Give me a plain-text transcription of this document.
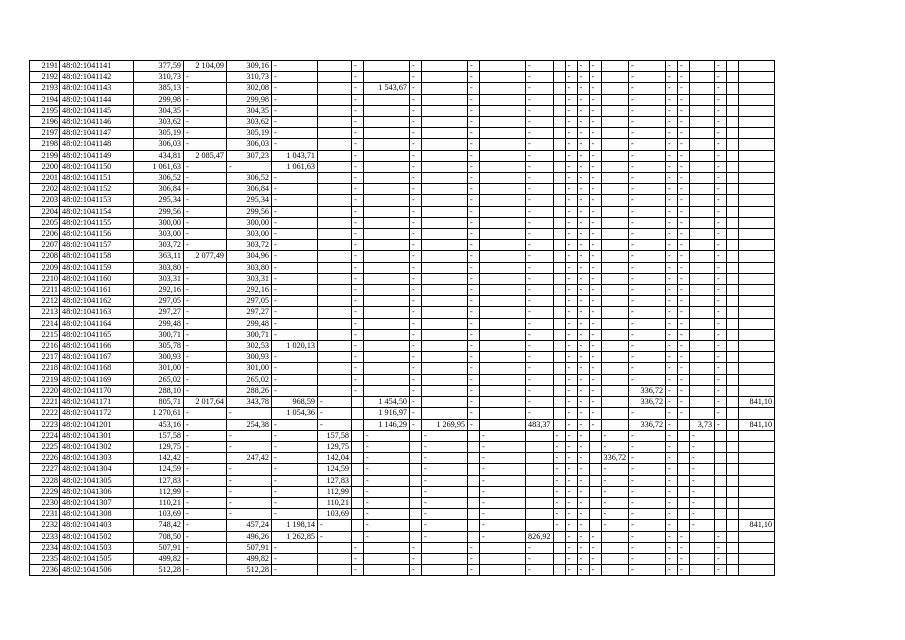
2191	48:02:1041141	377,59	2 104,09	309,16	-		-		-		-		-		-	-	-		-	-	-		-		
2192	48:02:1041142	310,73	-	310,73	-		-		-		-		-		-	-	-		-	-	-		-		
2193	48:02:1041143	385,13	-	302,08	-		-	1 543,67	-		-		-		-	-	-		-	-	-		-		
2194	48:02:1041144	299,98	-	299,98	-		-		-		-		-		-	-	-		-	-	-		-		
2195	48:02:1041145	304,35	-	304,35	-		-		-		-		-		-	-	-		-	-	-		-		
2196	48:02:1041146	303,62	-	303,62	-		-		-		-		-		-	-	-		-	-	-		-		
2197	48:02:1041147	305,19	-	305,19	-		-		-		-		-		-	-	-		-	-	-		-		
2198	48:02:1041148	306,03	-	306,03	-		-		-		-		-		-	-	-		-	-	-		-		
2199	48:02:1041149	434,81	2 085,47	307,23	1 043,71		-		-		-		-		-	-	-		-	-	-		-		
2200	48:02:1041150	1 061,63	-	-	1 061,63		-		-		-		-		-	-	-		-	-	-		-		
2201	48:02:1041151	306,52	-	306,52	-		-		-		-		-		-	-	-		-	-	-		-		
2202	48:02:1041152	306,84	-	306,84	-		-		-		-		-		-	-	-		-	-	-		-		
2203	48:02:1041153	295,34	-	295,34	-		-		-		-		-		-	-	-		-	-	-		-		
2204	48:02:1041154	299,56	-	299,56	-		-		-		-		-		-	-	-		-	-	-		-		
2205	48:02:1041155	300,00	-	300,00	-		-		-		-		-		-	-	-		-	-	-		-		
2206	48:02:1041156	303,00	-	303,00	-		-		-		-		-		-	-	-		-	-	-		-		
2207	48:02:1041157	303,72	-	303,72	-		-		-		-		-		-	-	-		-	-	-		-		
2208	48:02:1041158	363,11	2 077,49	304,96	-		-		-		-		-		-	-	-		-	-	-		-		
2209	48:02:1041159	303,80	-	303,80	-		-		-		-		-		-	-	-		-	-	-		-		
2210	48:02:1041160	303,31	-	303,31	-		-		-		-		-		-	-	-		-	-	-		-		
2211	48:02:1041161	292,16	-	292,16	-		-		-		-		-		-	-	-		-	-	-		-		
2212	48:02:1041162	297,05	-	297,05	-		-		-		-		-		-	-	-		-	-	-		-		
2213	48:02:1041163	297,27	-	297,27	-		-		-		-		-		-	-	-		-	-	-		-		
2214	48:02:1041164	299,48	-	299,48	-		-		-		-		-		-	-	-		-	-	-		-		
2215	48:02:1041165	300,71	-	300,71	-		-		-		-		-		-	-	-		-	-	-		-		
2216	48:02:1041166	305,78	-	302,53	1 020,13		-		-		-		-		-	-	-		-	-	-		-		
2217	48:02:1041167	300,93	-	300,93	-		-		-		-		-		-	-	-		-	-	-		-		
2218	48:02:1041168	301,00	-	301,00	-		-		-		-		-		-	-	-		-	-	-		-		
2219	48:02:1041169	265,02	-	265,02	-		-		-		-		-		-	-	-		-	-	-		-		
2220	48:02:1041170	288,10	-	288,26	-		-		-		-		-		-	-	-		336,72	-	-		-		
2221	48:02:1041171	805,71	2 017,64	343,78	968,59	-		1 454,50	-		-		-		-	-	-		336,72	-	-		-		841,10
2222	48:02:1041172	1 270,61	-	-	1 054,36	-		1 916,97	-		-		-		-	-	-		-	-	-		-		
2223	48:02:1041201	453,16	-	254,38	-	-		1 146,29	-	1 269,95	-		483,37		-	-	-		336,72	-		3,73	-		841,10
2224	48:02:1041301	157,58	-	-	-	157,58		-		-		-		-	-	-		-	-	-		-			
2225	48:02:1041302	129,75	-	-	-	129,75		-		-		-		-	-	-		-	-	-		-			
2226	48:02:1041303	142,42	-	247,42	-	142,04		-		-		-		-	-	-		336,72	-	-		-			
2227	48:02:1041304	124,59	-	-	-	124,59		-		-		-		-	-	-		-	-	-		-			
2228	48:02:1041305	127,83	-	-	-	127,83		-		-		-		-	-	-		-	-	-		-			
2229	48:02:1041306	112,99	-	-	-	112,99		-		-		-		-	-	-		-	-	-		-			
2230	48:02:1041307	110,21	-	-	-	110,21		-		-		-		-	-	-		-	-	-		-			
2231	48:02:1041308	103,69	-	-	-	103,69		-		-		-		-	-	-		-	-	-		-			
2232	48:02:1041403	748,42	-	457,24	1 198,14	-		-		-		-		-	-	-		-	-	-		-			841,10
2233	48:02:1041502	708,50	-	496,26	1 262,85	-		-		-		-	826,92		-	-	-		-	-	-		-		
2234	48:02:1041503	507,91	-	507,91	-		-		-		-		-		-	-	-		-	-	-		-		
2235	48:02:1041505	499,82	-	499,82	-		-		-		-		-		-	-	-		-	-	-		-		
2236	48:02:1041506	512,28	-	512,28	-		-		-		-		-		-	-	-		-	-	-		-		
